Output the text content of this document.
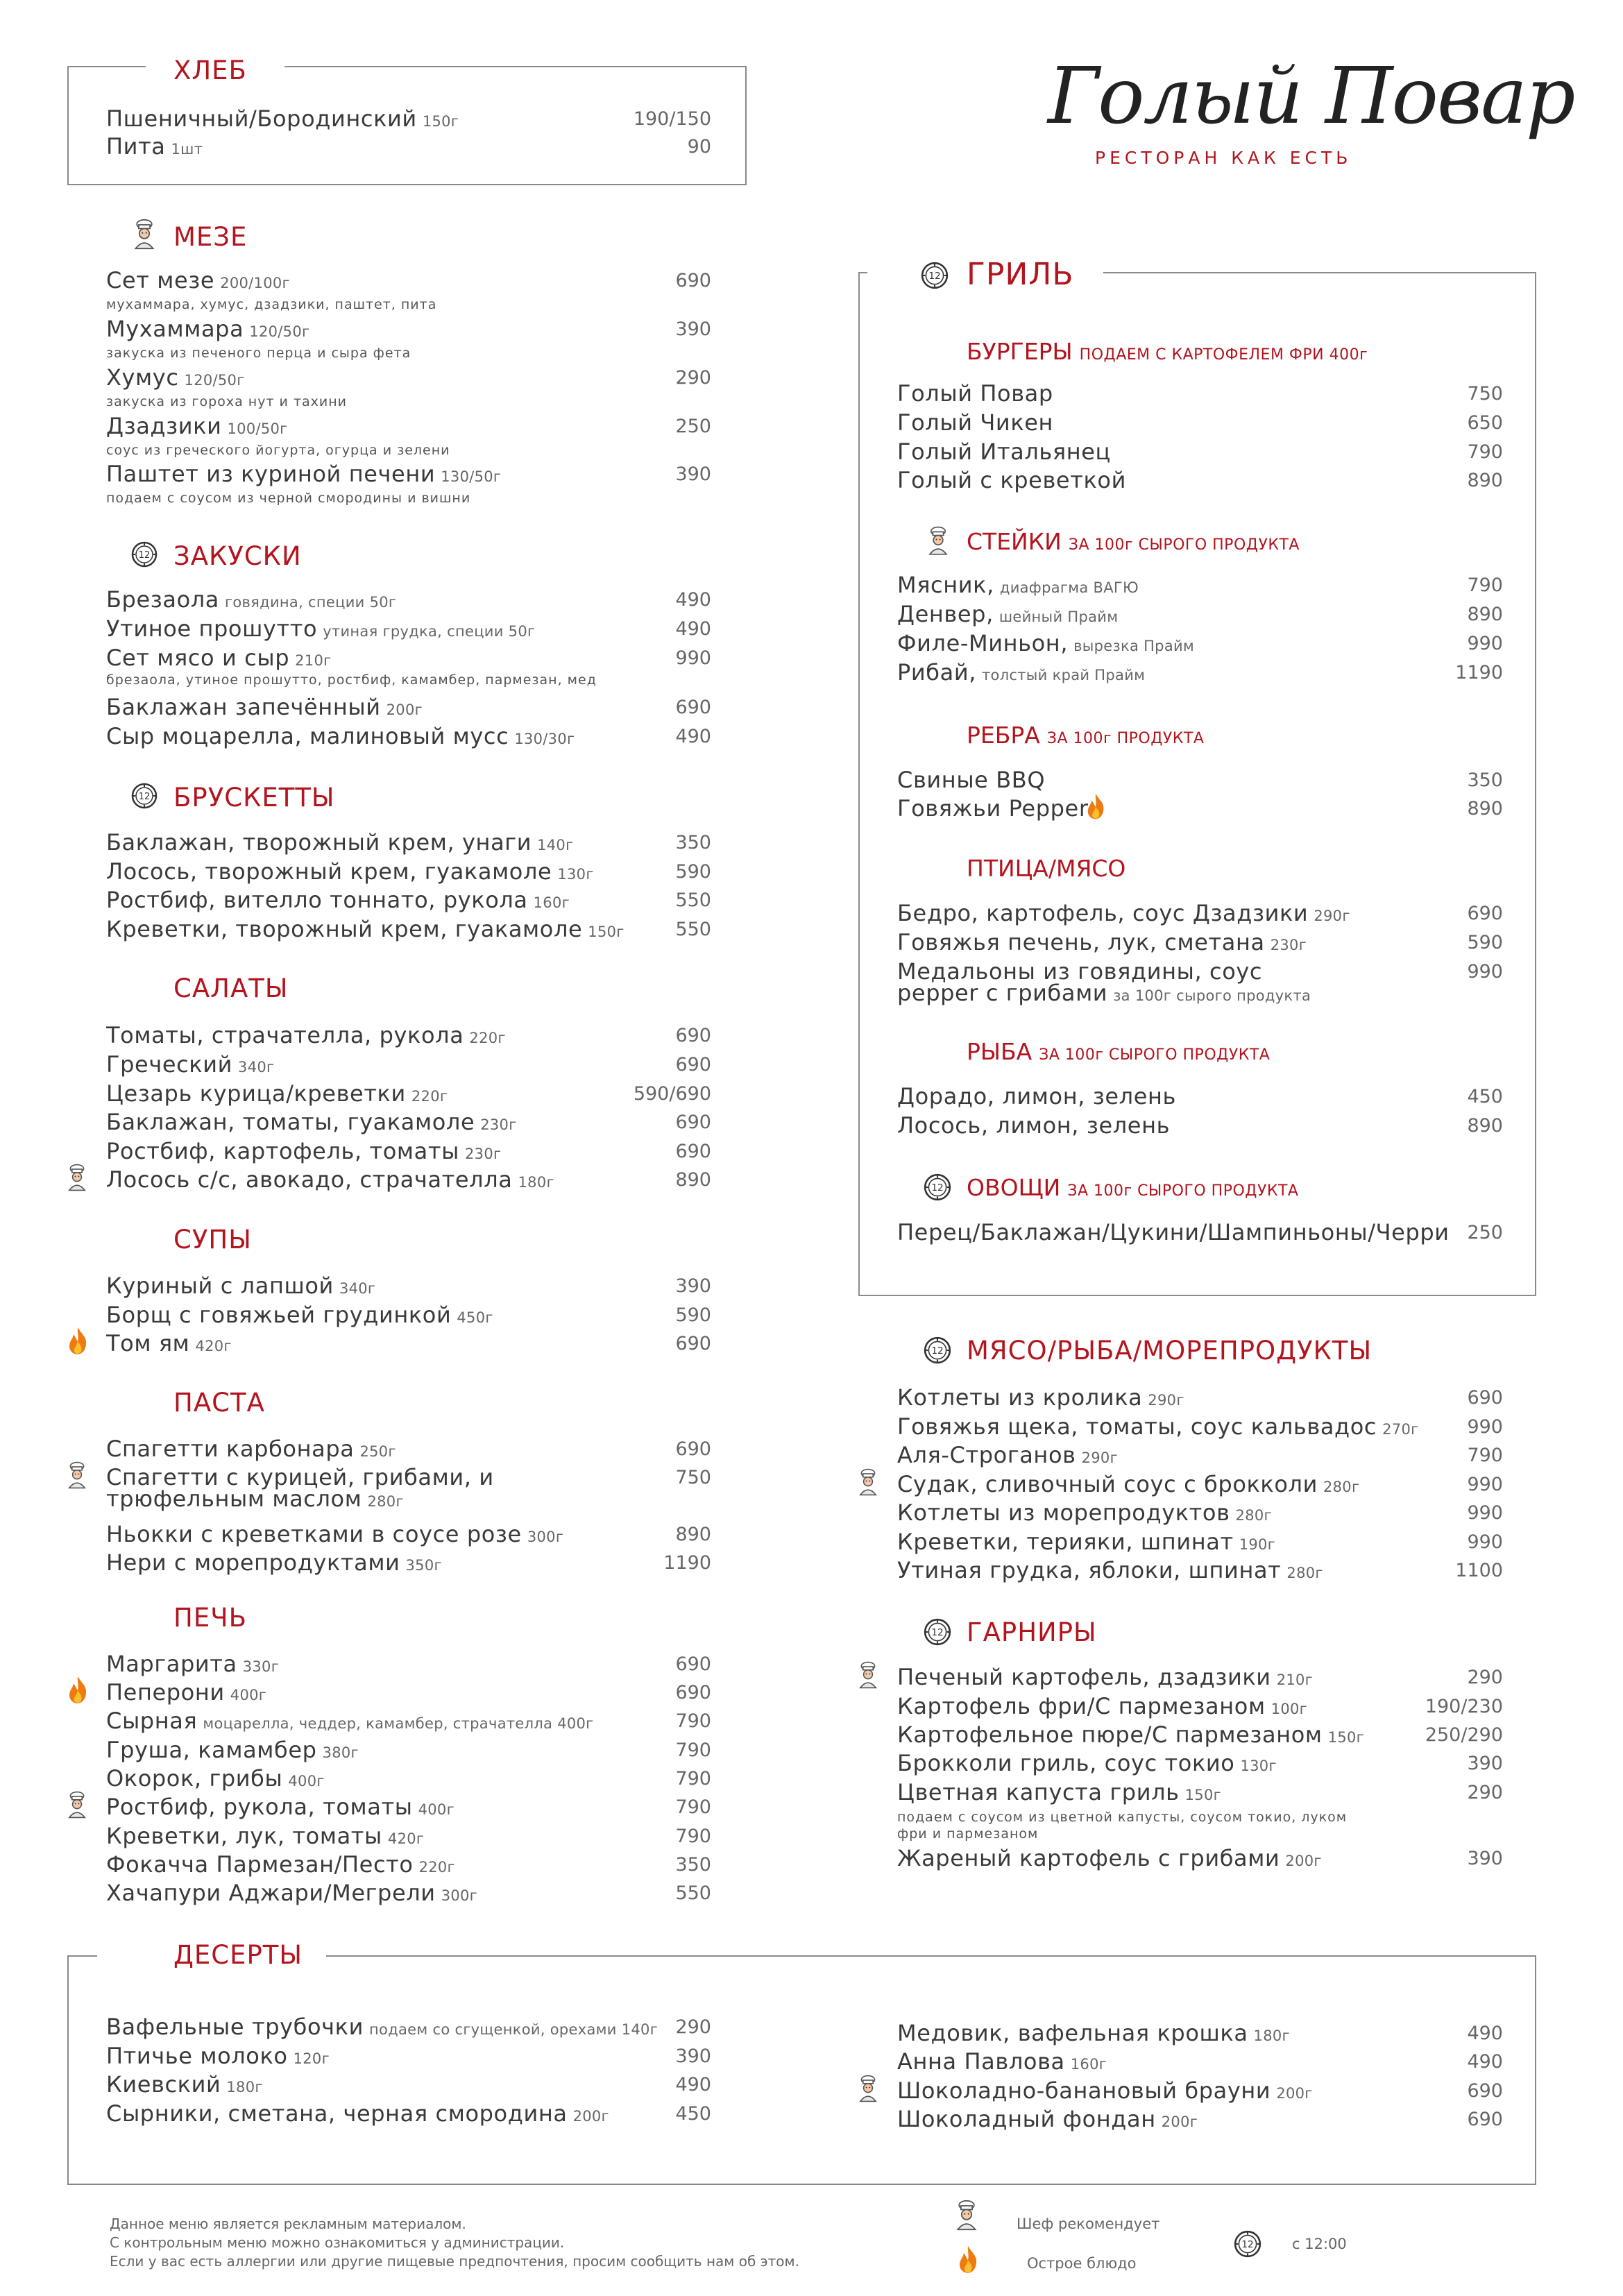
Голый Повар
РЕСТОРАН КАК ЕСТЬ
ХЛЕБ
Пшеничный/Бородинский 150г	190/150
Пита 1шт	90
МЕЗЕ
Сет мезе 200/100г	690
мухаммара, хумус, дзадзики, паштет, пита
Мухаммара 120/50г	390
закуска из печеного перца и сыра фета
Хумус 120/50г	290
закуска из гороха нут и тахини
Дзадзики 100/50г	250
соус из греческого йогурта, огурца и зелени
Паштет из куриной печени 130/50г	390
подаем с соусом из черной смородины и вишни
12 ЗАКУСКИ
Брезаола говядина, специи 50г	490
Утиное прошутто утиная грудка, специи 50г	490
Сет мясо и сыр 210г	990
брезаола, утиное прошутто, ростбиф, камамбер, пармезан, мед
Баклажан запечённый 200г	690
Сыр моцарелла, малиновый мусс 130/30г	490
12 БРУСКЕТТЫ
Баклажан, творожный крем, унаги 140г	350
Лосось, творожный крем, гуакамоле 130г	590
Ростбиф, вителло тоннато, рукола 160г	550
Креветки, творожный крем, гуакамоле 150г	550
САЛАТЫ
Томаты, страчателла, рукола 220г	690
Греческий 340г	690
Цезарь курица/креветки 220г	590/690
Баклажан, томаты, гуакамоле 230г	690
Ростбиф, картофель, томаты 230г	690
Лосось с/с, авокадо, страчателла 180г	890
СУПЫ
Куриный с лапшой 340г	390
Борщ с говяжьей грудинкой 450г	590
Том ям 420г	690
ПАСТА
Спагетти карбонара 250г	690
Спагетти с курицей, грибами, и
трюфельным маслом 280г
750
Ньокки с креветками в соусе розе 300г	890
Нери с морепродуктами 350г	1190
ПЕЧЬ
Маргарита 330г	690
Пеперони 400г	690
Сырная моцарелла, чеддер, камамбер, страчателла 400г	790
Груша, камамбер 380г	790
Окорок, грибы 400г	790
Ростбиф, рукола, томаты 400г	790
Креветки, лук, томаты 420г	790
Фокачча Пармезан/Песто 220г	350
Хачапури Аджари/Мегрели 300г	550
12 ГРИЛЬ
БУРГЕРЫ ПОДАЕМ С КАРТОФЕЛЕМ ФРИ 400г
Голый Повар	750
Голый Чикен	650
Голый Итальянец	790
Голый с креветкой	890
СТЕЙКИ ЗА 100г СЫРОГО ПРОДУКТА
Мясник, диафрагма ВАГЮ	790
Денвер, шейный Прайм	890
Филе-Миньон, вырезка Прайм	990
Рибай, толстый край Прайм	1190
РЕБРА ЗА 100г ПРОДУКТА
Свиные BBQ	350
Говяжьи Pepper	890
ПТИЦА/МЯСО
Бедро, картофель, соус Дзадзики 290г	690
Говяжья печень, лук, сметана 230г	590
Медальоны из говядины, соус
pepper с грибами за 100г сырого продукта
990
РЫБА ЗА 100г СЫРОГО ПРОДУКТА
Дорадо, лимон, зелень	450
Лосось, лимон, зелень	890
12 ОВОЩИ ЗА 100г СЫРОГО ПРОДУКТА
Перец/Баклажан/Цукини/Шампиньоны/Черри 250
12 МЯСО/РЫБА/МОРЕПРОДУКТЫ
Котлеты из кролика 290г	690
Говяжья щека, томаты, соус кальвадос 270г	990
Аля-Строганов 290г	790
Судак, сливочный соус с брокколи 280г	990
Котлеты из морепродуктов 280г	990
Креветки, терияки, шпинат 190г	990
Утиная грудка, яблоки, шпинат 280г	1100
12 ГАРНИРЫ
Печеный картофель, дзадзики 210г	290
Картофель фри/С пармезаном 100г	190/230
Картофельное пюре/С пармезаном 150г	250/290
Брокколи гриль, соус токио 130г	390
Цветная капуста гриль 150г	290
подаем с соусом из цветной капусты, соусом токио, луком
фри и пармезаном
Жареный картофель с грибами 200г	390
ДЕСЕРТЫ
Вафельные трубочки подаем со сгущенкой, орехами 140г 290
Птичье молоко 120г	390
Киевский 180г	490
Сырники, сметана, черная смородина 200г	450
Медовик, вафельная крошка 180г	490
Анна Павлова 160г	490
Шоколадно-банановый брауни 200г	690
Шоколадный фондан 200г	690
Данное меню является рекламным материалом.
С контрольным меню можно ознакомиться у администрации.
Если у вас есть аллергии или другие пищевые предпочтения, просим сообщить нам об этом.
Шеф рекомендует
Острое блюдо
12	с 12:00
